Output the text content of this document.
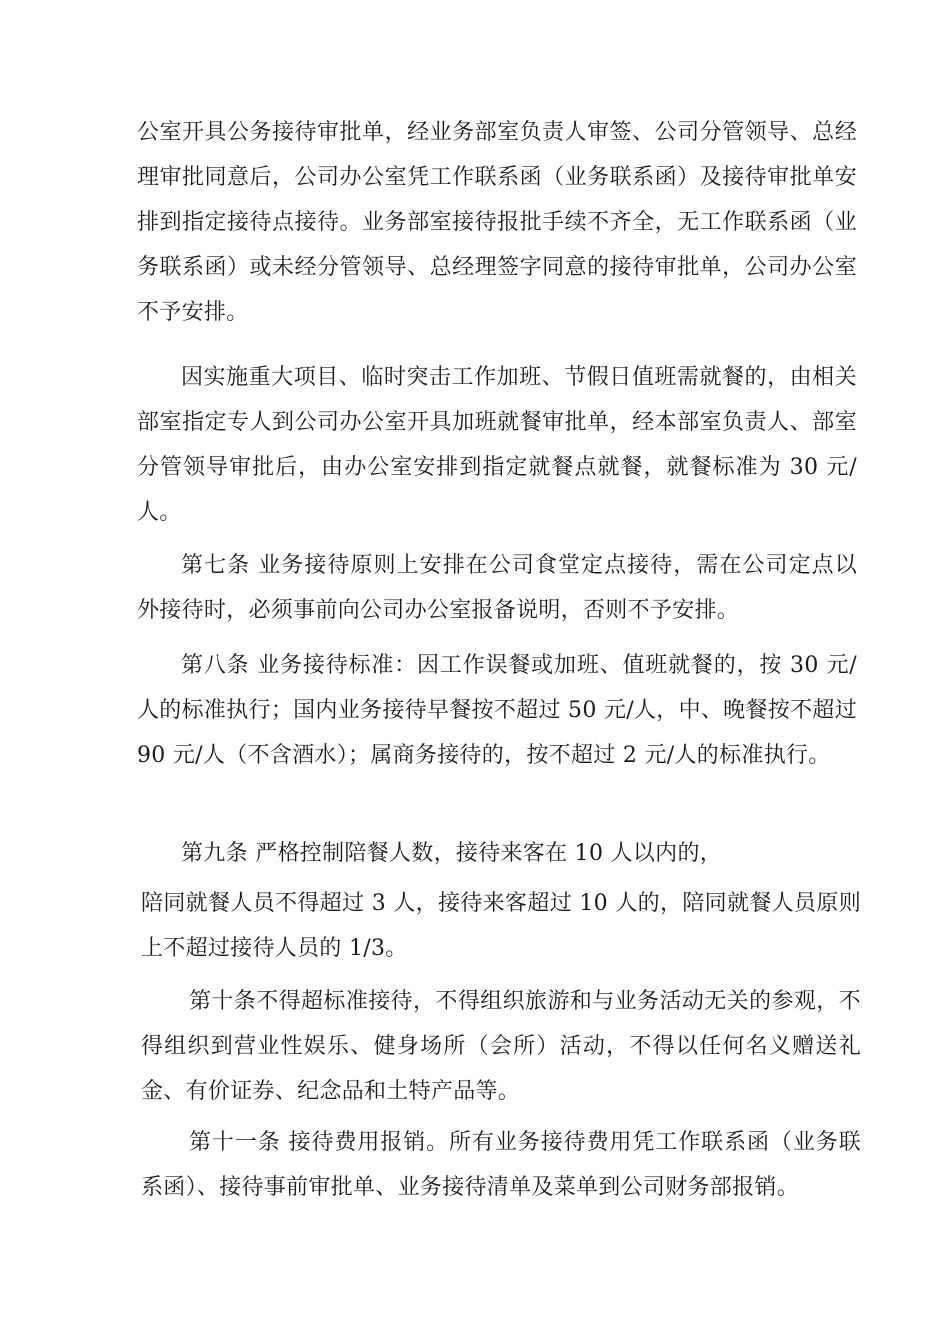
公室开具公务接待审批单，经业务部室负责人审签、公司分管领导、总经理审批同意后，公司办公室凭工作联系函（业务联系函）及接待审批单安排到指定接待点接待。业务部室接待报批手续不齐全，无工作联系函（业务联系函）或未经分管领导、总经理签字同意的接待审批单，公司办公室不予安排。

因实施重大项目、临时突击工作加班、节假日值班需就餐的，由相关部室指定专人到公司办公室开具加班就餐审批单，经本部室负责人、部室分管领导审批后，由办公室安排到指定就餐点就餐，就餐标准为 30 元/人。

第七条 业务接待原则上安排在公司食堂定点接待，需在公司定点以外接待时，必须事前向公司办公室报备说明，否则不予安排。

第八条 业务接待标准：因工作误餐或加班、值班就餐的，按 30 元/人的标准执行；国内业务接待早餐按不超过 50 元/人，中、晚餐按不超过 90 元/人（不含酒水）；属商务接待的，按不超过 2 元/人的标准执行。

第九条 严格控制陪餐人数，接待来客在 10 人以内的，

陪同就餐人员不得超过 3 人，接待来客超过 10 人的，陪同就餐人员原则上不超过接待人员的 1/3。

第十条不得超标准接待，不得组织旅游和与业务活动无关的参观，不得组织到营业性娱乐、健身场所（会所）活动，不得以任何名义赠送礼金、有价证券、纪念品和土特产品等。

第十一条 接待费用报销。所有业务接待费用凭工作联系函（业务联系函）、接待事前审批单、业务接待清单及菜单到公司财务部报销。
